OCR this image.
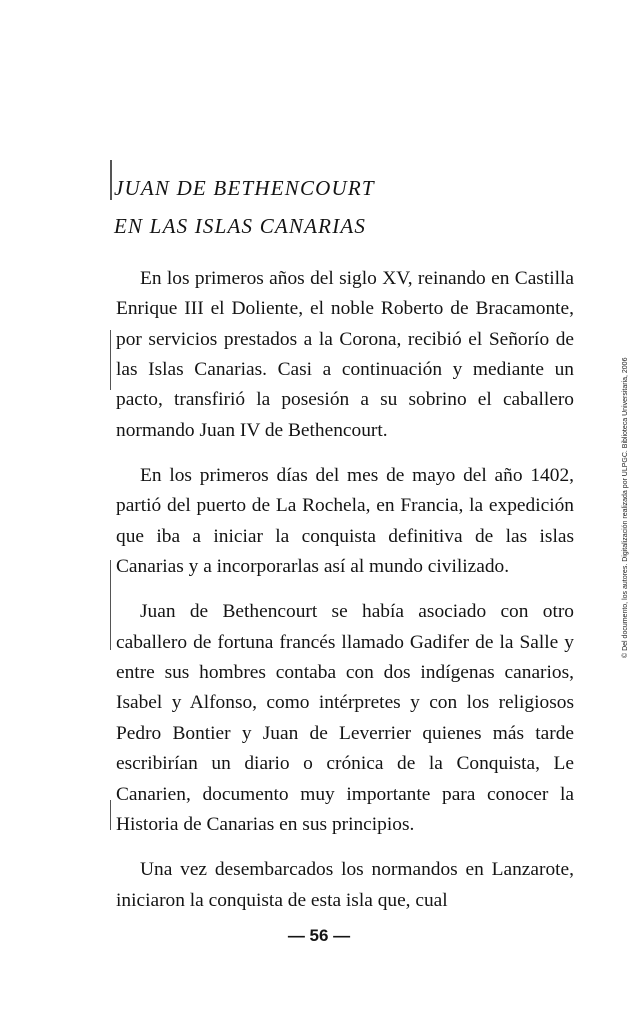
JUAN DE BETHENCOURT
EN LAS ISLAS CANARIAS

En los primeros años del siglo XV, reinando en Castilla Enrique III el Doliente, el noble Roberto de Bracamonte, por servicios prestados a la Corona, recibió el Señorío de las Islas Canarias. Casi a continuación y mediante un pacto, transfirió la posesión a su sobrino el caballero normando Juan IV de Bethencourt.

En los primeros días del mes de mayo del año 1402, partió del puerto de La Rochela, en Francia, la expedición que iba a iniciar la conquista definitiva de las islas Canarias y a incorporarlas así al mundo civilizado.

Juan de Bethencourt se había asociado con otro caballero de fortuna francés llamado Gadifer de la Salle y entre sus hombres contaba con dos indígenas canarios, Isabel y Alfonso, como intérpretes y con los religiosos Pedro Bontier y Juan de Leverrier quienes más tarde escribirían un diario o crónica de la Conquista, Le Canarien, documento muy importante para conocer la Historia de Canarias en sus principios.

Una vez desembarcados los normandos en Lanzarote, iniciaron la conquista de esta isla que, cual

— 56 —
© Del documento, los autores. Digitalización realizada por ULPGC. Biblioteca Universitaria, 2006
